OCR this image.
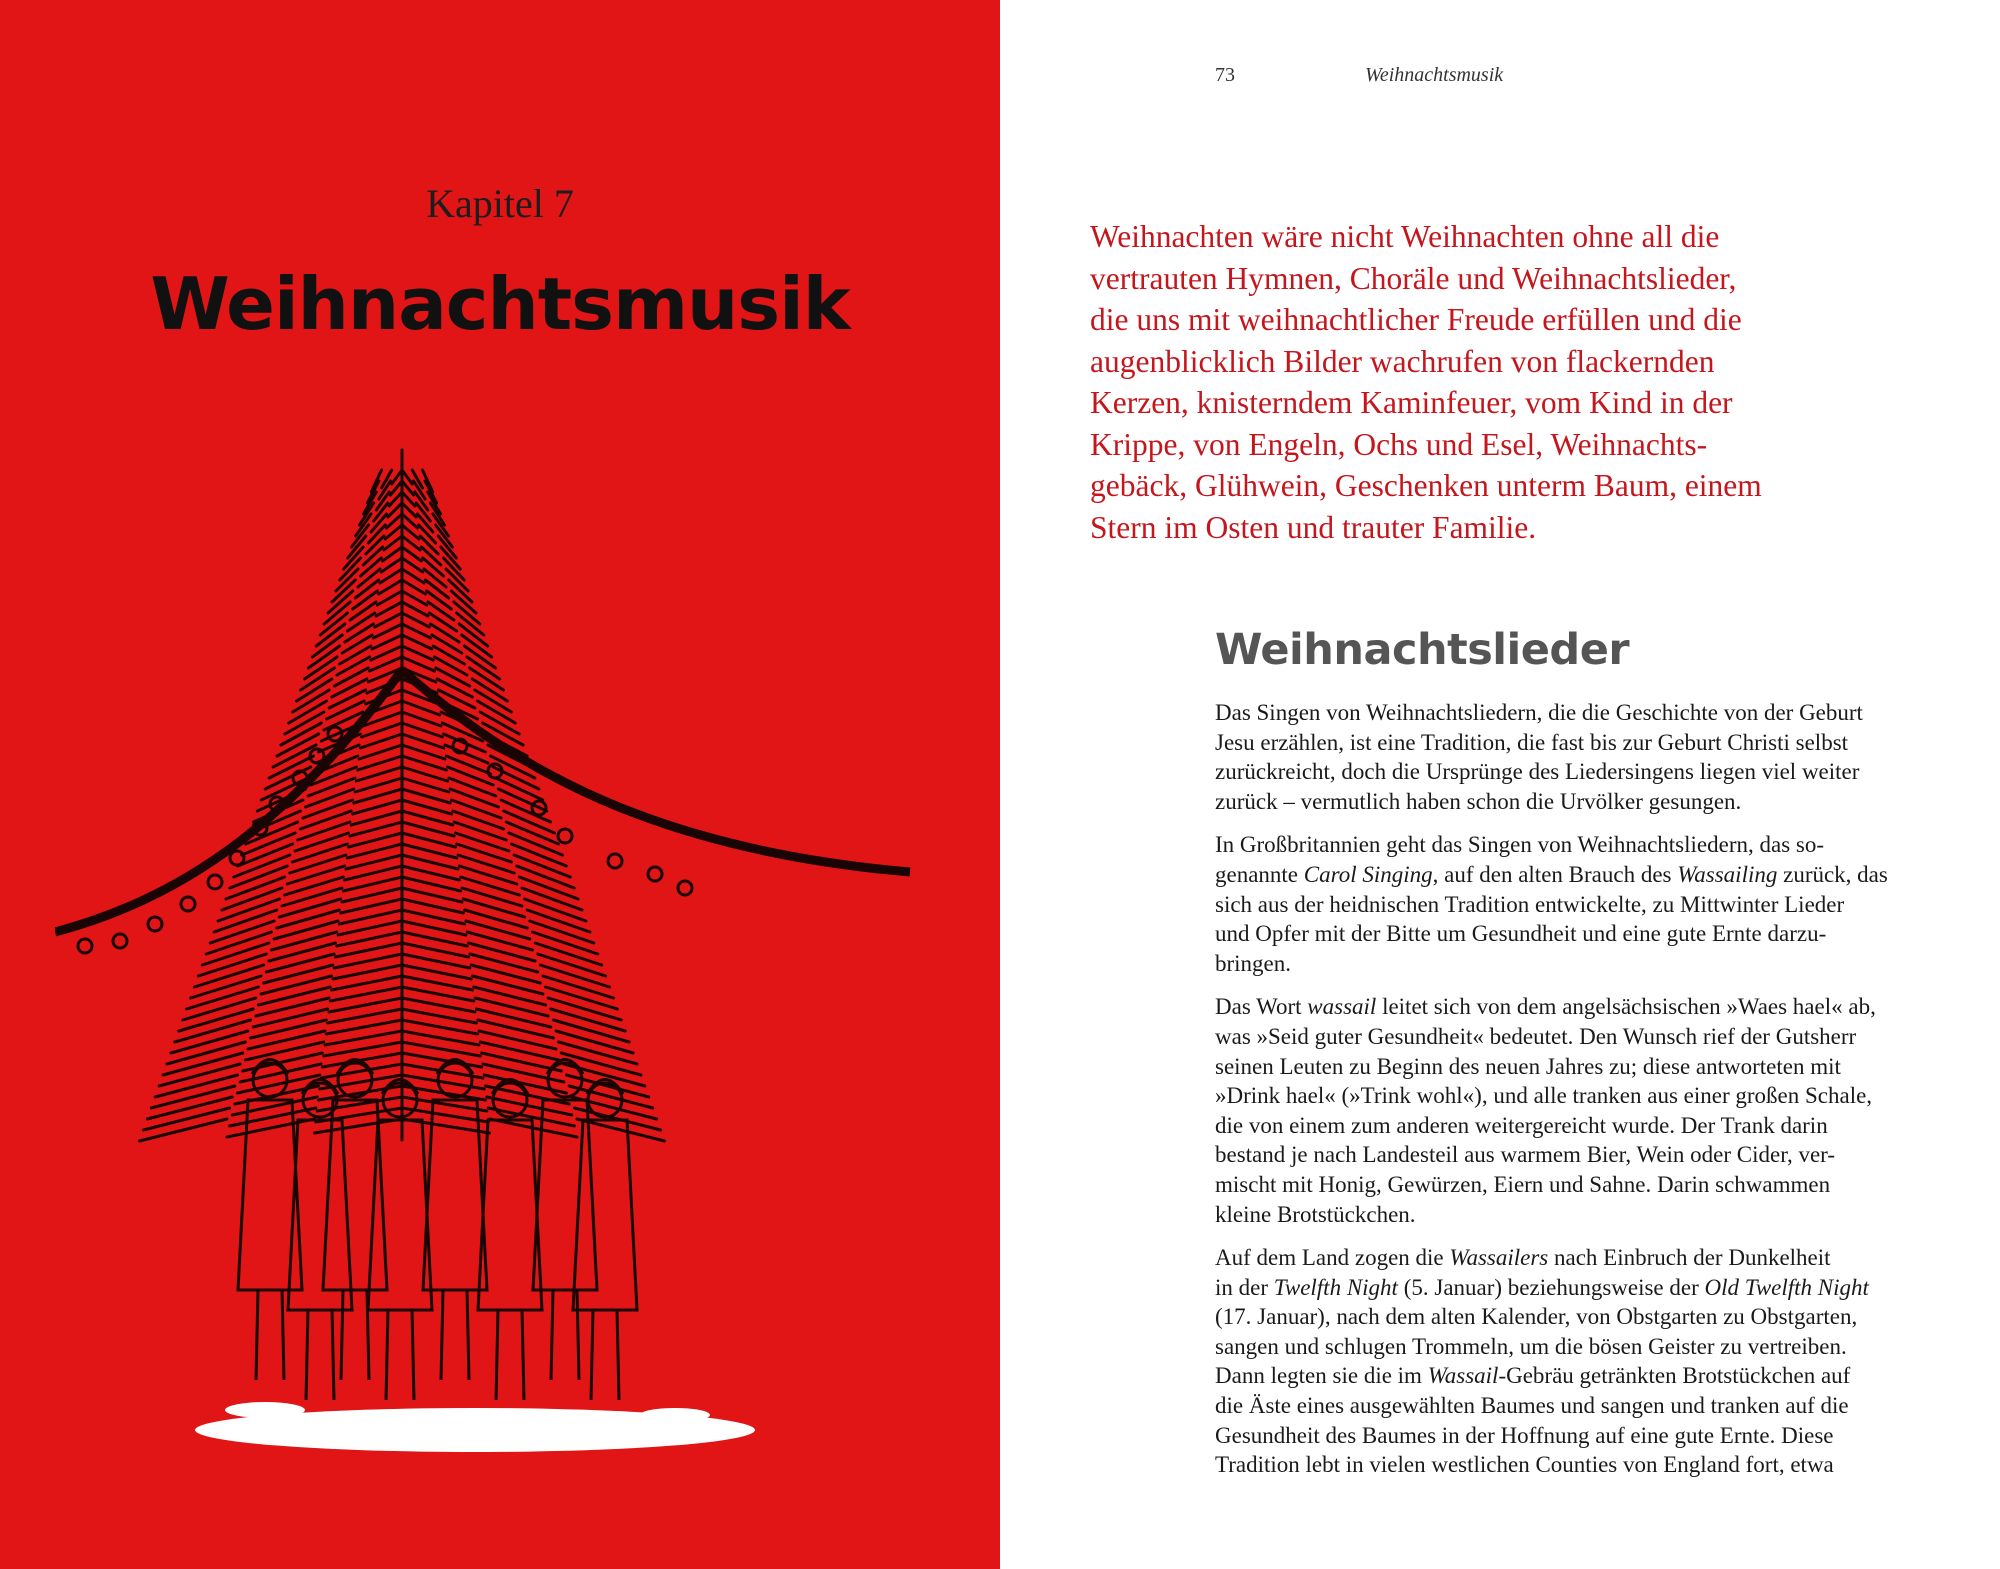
Kapitel 7
Weihnachtsmusik
73	Weihnachtsmusik

Weihnachten wäre nicht Weihnachten ohne all die
vertrauten Hymnen, Choräle und Weihnachtslieder,
die uns mit weihnachtlicher Freude erfüllen und die
augenblicklich Bilder wachrufen von flackernden
Kerzen, knisterndem Kaminfeuer, vom Kind in der
Krippe, von Engeln, Ochs und Esel, Weihnachts-
gebäck, Glühwein, Geschenken unterm Baum, einem
Stern im Osten und trauter Familie.

Weihnachtslieder

Das Singen von Weihnachtsliedern, die die Geschichte von der Geburt
Jesu erzählen, ist eine Tradition, die fast bis zur Geburt Christi selbst
zurückreicht, doch die Ursprünge des Liedersingens liegen viel weiter
zurück – vermutlich haben schon die Urvölker gesungen.

In Großbritannien geht das Singen von Weihnachtsliedern, das so-
genannte Carol Singing, auf den alten Brauch des Wassailing zurück, das
sich aus der heidnischen Tradition entwickelte, zu Mittwinter Lieder
und Opfer mit der Bitte um Gesundheit und eine gute Ernte darzu-
bringen.

Das Wort wassail leitet sich von dem angelsächsischen »Waes hael« ab,
was »Seid guter Gesundheit« bedeutet. Den Wunsch rief der Gutsherr
seinen Leuten zu Beginn des neuen Jahres zu; diese antworteten mit
»Drink hael« (»Trink wohl«), und alle tranken aus einer großen Schale,
die von einem zum anderen weitergereicht wurde. Der Trank darin
bestand je nach Landesteil aus warmem Bier, Wein oder Cider, ver-
mischt mit Honig, Gewürzen, Eiern und Sahne. Darin schwammen
kleine Brotstückchen.

Auf dem Land zogen die Wassailers nach Einbruch der Dunkelheit
in der Twelfth Night (5. Januar) beziehungsweise der Old Twelfth Night
(17. Januar), nach dem alten Kalender, von Obstgarten zu Obstgarten,
sangen und schlugen Trommeln, um die bösen Geister zu vertreiben.
Dann legten sie die im Wassail-Gebräu getränkten Brotstückchen auf
die Äste eines ausgewählten Baumes und sangen und tranken auf die
Gesundheit des Baumes in der Hoffnung auf eine gute Ernte. Diese
Tradition lebt in vielen westlichen Counties von England fort, etwa
